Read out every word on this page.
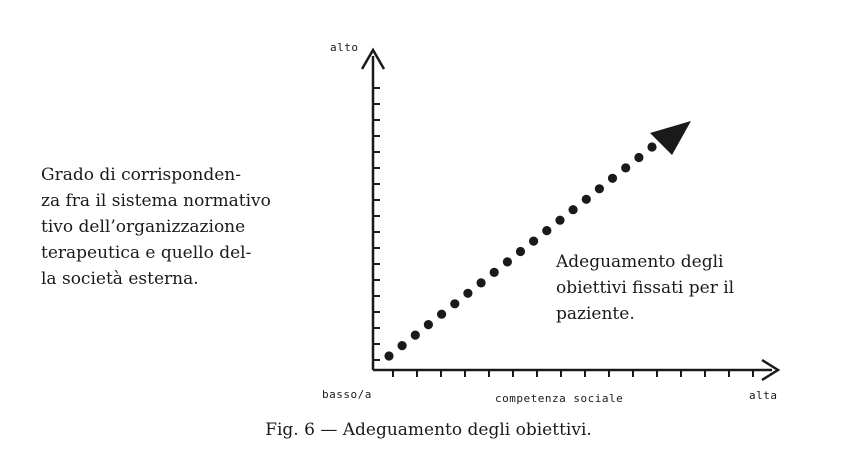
alto
basso/a	competenza sociale	alta
Grado di corrisponden-
za fra il sistema normativo
tivo dell’organizzazione
terapeutica e quello del-
la società esterna.
Adeguamento degli
obiettivi fissati per il
paziente.
Fig. 6 — Adeguamento degli obiettivi.
